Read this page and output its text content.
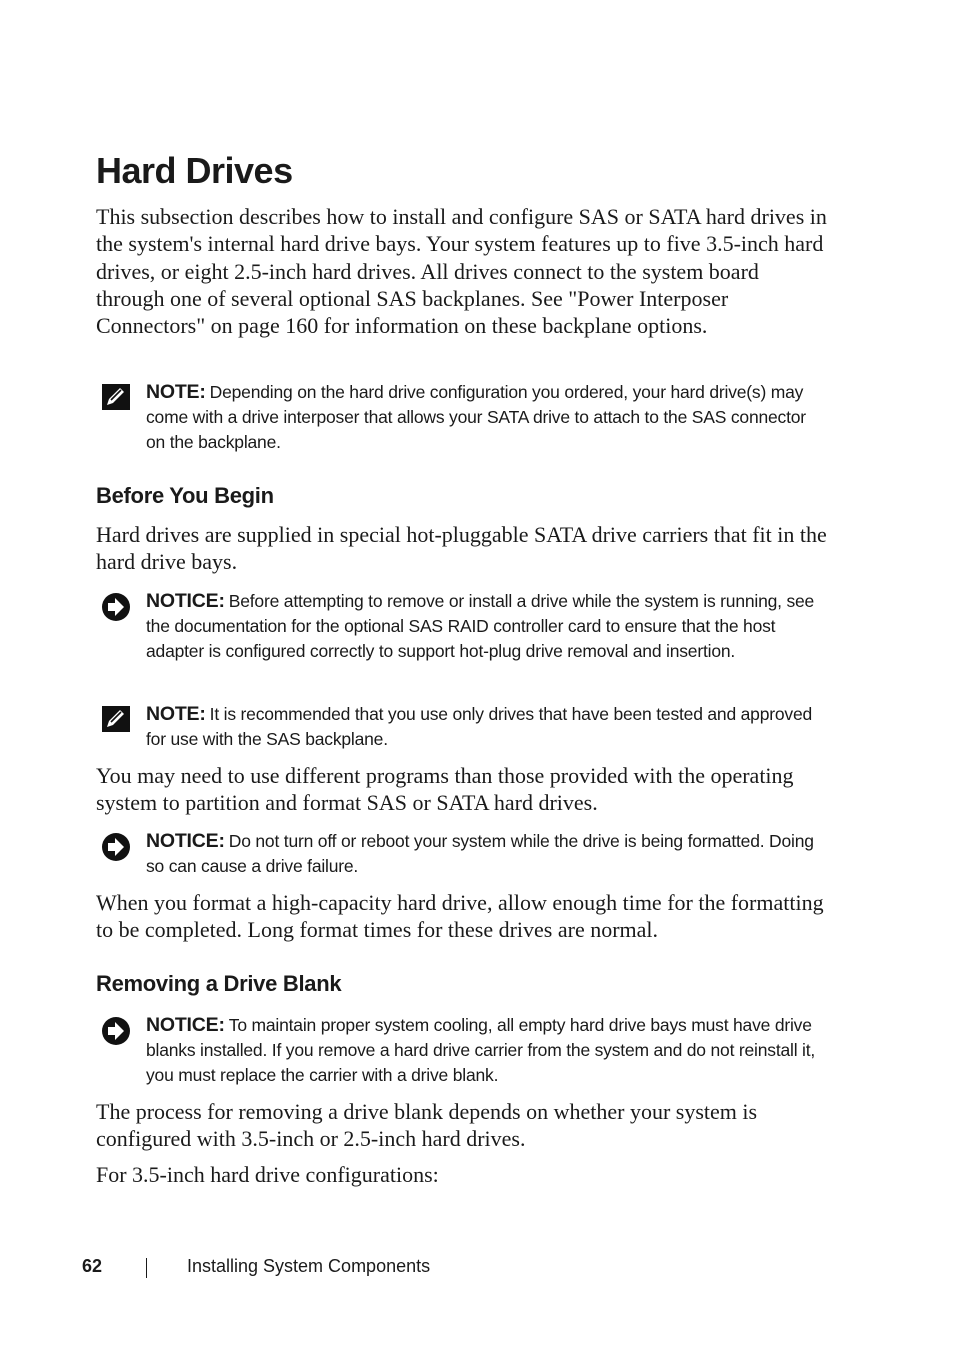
Hard Drives

This subsection describes how to install and configure SAS or SATA hard drives in the system's internal hard drive bays. Your system features up to five 3.5-inch hard drives, or eight 2.5-inch hard drives. All drives connect to the system board through one of several optional SAS backplanes. See "Power Interposer Connectors" on page 160 for information on these backplane options.

NOTE: Depending on the hard drive configuration you ordered, your hard drive(s) may come with a drive interposer that allows your SATA drive to attach to the SAS connector on the backplane.

Before You Begin

Hard drives are supplied in special hot-pluggable SATA drive carriers that fit in the hard drive bays.

NOTICE: Before attempting to remove or install a drive while the system is running, see the documentation for the optional SAS RAID controller card to ensure that the host adapter is configured correctly to support hot-plug drive removal and insertion.

NOTE: It is recommended that you use only drives that have been tested and approved for use with the SAS backplane.

You may need to use different programs than those provided with the operating system to partition and format SAS or SATA hard drives.

NOTICE: Do not turn off or reboot your system while the drive is being formatted. Doing so can cause a drive failure.

When you format a high-capacity hard drive, allow enough time for the formatting to be completed. Long format times for these drives are normal.

Removing a Drive Blank

NOTICE: To maintain proper system cooling, all empty hard drive bays must have drive blanks installed. If you remove a hard drive carrier from the system and do not reinstall it, you must replace the carrier with a drive blank.

The process for removing a drive blank depends on whether your system is configured with 3.5-inch or 2.5-inch hard drives.

For 3.5-inch hard drive configurations:

62	Installing System Components
